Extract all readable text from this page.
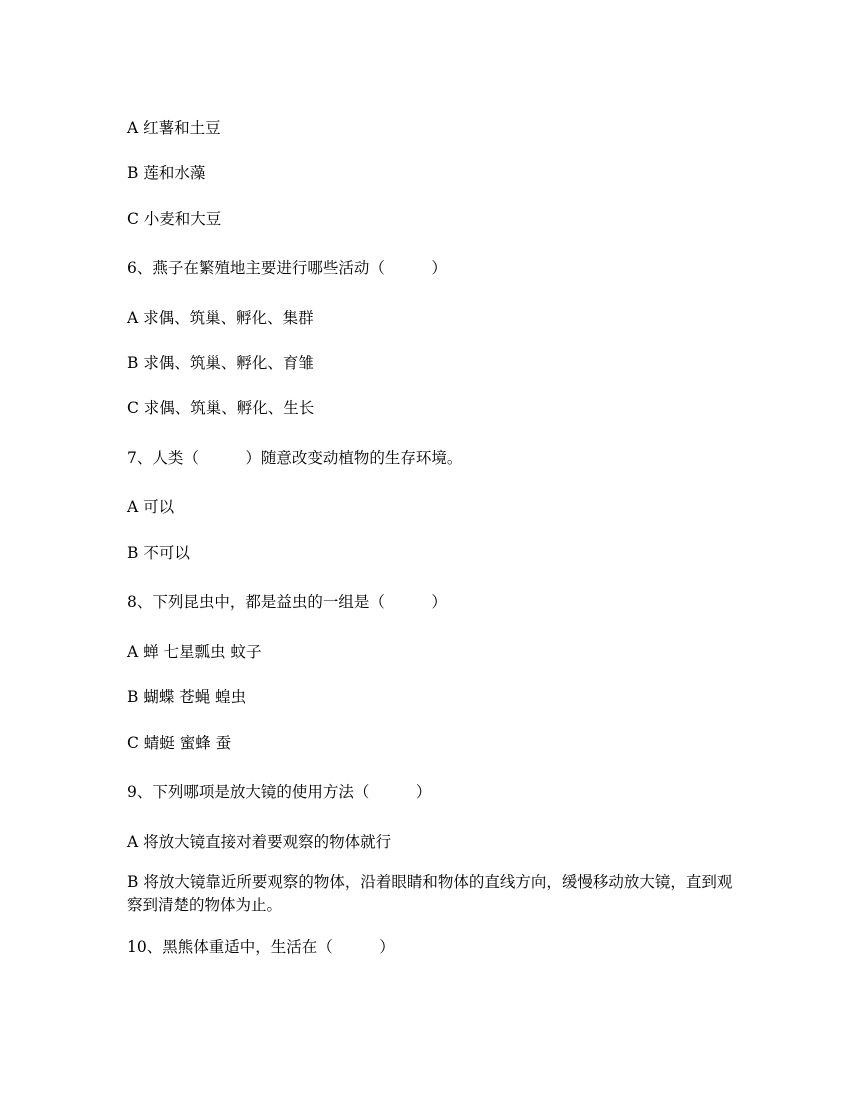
A 红薯和土豆
B 莲和水藻
C 小麦和大豆
6、燕子在繁殖地主要进行哪些活动（　　　）
A 求偶、筑巢、孵化、集群
B 求偶、筑巢、孵化、育雏
C 求偶、筑巢、孵化、生长
7、人类（　　　）随意改变动植物的生存环境。
A 可以
B 不可以
8、下列昆虫中，都是益虫的一组是（　　　）
A 蝉 七星瓢虫 蚊子
B 蝴蝶 苍蝇 蝗虫
C 蜻蜓 蜜蜂 蚕
9、下列哪项是放大镜的使用方法（　　　）
A 将放大镜直接对着要观察的物体就行
B 将放大镜靠近所要观察的物体，沿着眼睛和物体的直线方向，缓慢移动放大镜，直到观察到清楚的物体为止。
10、黑熊体重适中，生活在（　　　）
